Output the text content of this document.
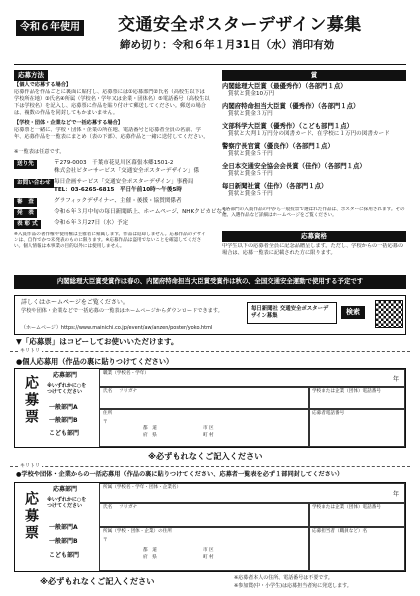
令和６年使用 交通安全ポスターデザイン募集
締め切り：令和６年１月31日（水）消印有効
応募方法
【個人で応募する場合】
応募作品を作品ごとに裏面に貼付し、応募票には①応募部門②氏名（高校生以下は学校所在地）③氏名④所属（学校名・学年又は企業・団体名）⑤電話番号（高校生以下は学校名）を記入し、応募票に作品を貼り付けて郵送してください。郵送の場合は、複数の作品を同封してもかまいません。
【学校・団体・企業などで一括応募する場合】
応募票と一緒に、学校・団体・企業の所在地、電話番号と応募者全員の名前、学年、応募作品を一覧表にまとめ（表の下部）、応募作品と一緒に送付してください。
※一覧表は任意です。
送り先	〒279-0003　千葉市花見川区幕張本郷1501-2
株式会社ピターサービス「交通安全ポスターデザイン」係
お問い合わせ 毎日企画サービス「交通安全ポスターデザイン」事務局
TEL：03-6265-6815　平日午前10時〜午後5時
審　査	グラフィックデザイナー、主催・後援・協賛関係者
発　表	令和６年３月中旬の毎日新聞紙上、ホームページ、NHKクビカビなど
表 彰 式	令和６年３月27日（水）予定
※入賞作品の著作権や使用権は主催者に帰属します。作品は返却しません。応募作品のデザインは、自作でかつ未発表のものに限ります。※応募作品は盗用でないことを確認してください。個人情報は本事業の目的以外には使用しません。
賞
内閣総理大臣賞（最優秀作）（各部門１点）
賞状と賞金10万円
内閣府特命担当大臣賞（優秀作）（各部門１点）
賞状と賞金３万円
文部科学大臣賞（優秀作）（こども部門１点）
賞状と大判１万円分の図書カード、在学校に１万円の図書カード
警察庁長官賞（優良作）（各部門１点）
賞状と賞金５千円
全日本交通安全協会会長賞（佳作）（各部門１点）
賞状と賞金５千円
毎日新聞社賞（佳作）（各部門１点）
賞状と賞金５千円
※各部門の入賞作品の中から一般投票で選ばれた作品は、ポスターに採用されます。その他、入選作品など詳細はホームページをご覧ください。
応募資格
中学生以下の応募者全員に記念品贈呈します。ただし、学校からの一括応募の場合は、応募一覧表に記載された方に限ります。
内閣総理大臣賞受賞作は春の、内閣府特命担当大臣賞受賞作は秋の、全国交通安全運動で使用する予定です
詳しくはホームページをご覧ください。
学校や団体・企業などで一括応募の一覧表はホームページからダウンロードできます。
（ホームページ）https://www.mainichi.co.jp/event/aw/anzen/poster/yoko.html
毎日新聞社 交通安全ポスターデザイン募集	検索
▼「応募票」はコピーしてお使いいただけます。
キリトリ
●個人応募用（作品の裏に貼りつけてください）
応募票	応募部門
※いずれかに○をつけてください
一般部門A
一般部門B
こども部門
職業（学校名・学年）
年
氏名 フリガナ	学校または企業（団体）電話番号
住所
〒
都　道
府　県
市 区
町 村
応募者電話番号
※必ずもれなくご記入ください
キリトリ
●学校や団体・企業からの一括応募用（作品の裏に貼りつけてください、応募者一覧表を必ず１部同封してください）
応募票
応募部門
※いずれかに○をつけてください
一般部門A
一般部門B
こども部門
所属（学校名・学年・団体・企業名）
年
氏名 フリガナ	学校または企業（団体）電話番号
所属（学校・団体・企業）の住所
〒
都　道
府　県
市 区
町 村
応募担当者（職員など）名
※必ずもれなくご記入ください	※応募者本人の住所、電話番号は不要です。
※参加賞(中・小学生)は応募担当者宛に発送します。
